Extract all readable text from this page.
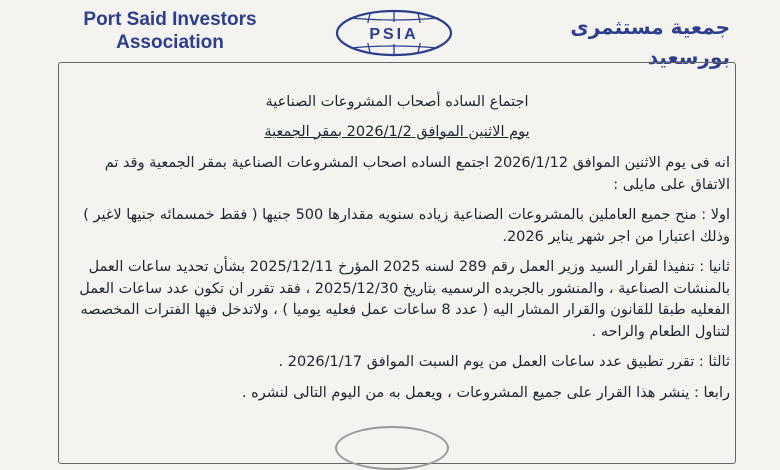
Port Said Investors
Association	PSIA	جمعية مستثمرى بورسعيد

اجتماع الساده أصحاب المشروعات الصناعية

يوم الاثنين الموافق 2026/1/2 بمقر الجمعية

انه فى يوم الاثنين الموافق 2026/1/12 اجتمع الساده اصحاب المشروعات الصناعية بمقر الجمعية وقد تم الاتفاق على مايلى :

اولا : منح جميع العاملين بالمشروعات الصناعية زياده سنويه مقدارها 500 جنيها ( فقط خمسمائه جنيها لاغير ) وذلك اعتبارا من اجر شهر يناير 2026.

ثانيا : تنفيذا لقرار السيد وزير العمل رقم 289 لسنه 2025 المؤرخ 2025/12/11 بشأن تحديد ساعات العمل بالمنشات الصناعية ، والمنشور بالجريده الرسميه بتاريخ 2025/12/30 ، فقد تقرر ان تكون عدد ساعات العمل الفعليه طبقا للقانون والقرار المشار اليه ( عدد 8 ساعات عمل فعليه يوميا ) ، ولاتدخل فيها الفترات المخصصه لتناول الطعام والراحه .

ثالثا : تقرر تطبيق عدد ساعات العمل من يوم السبت الموافق 2026/1/17 .

رابعا : ينشر هذا القرار على جميع المشروعات ، ويعمل به من اليوم التالى لنشره .
